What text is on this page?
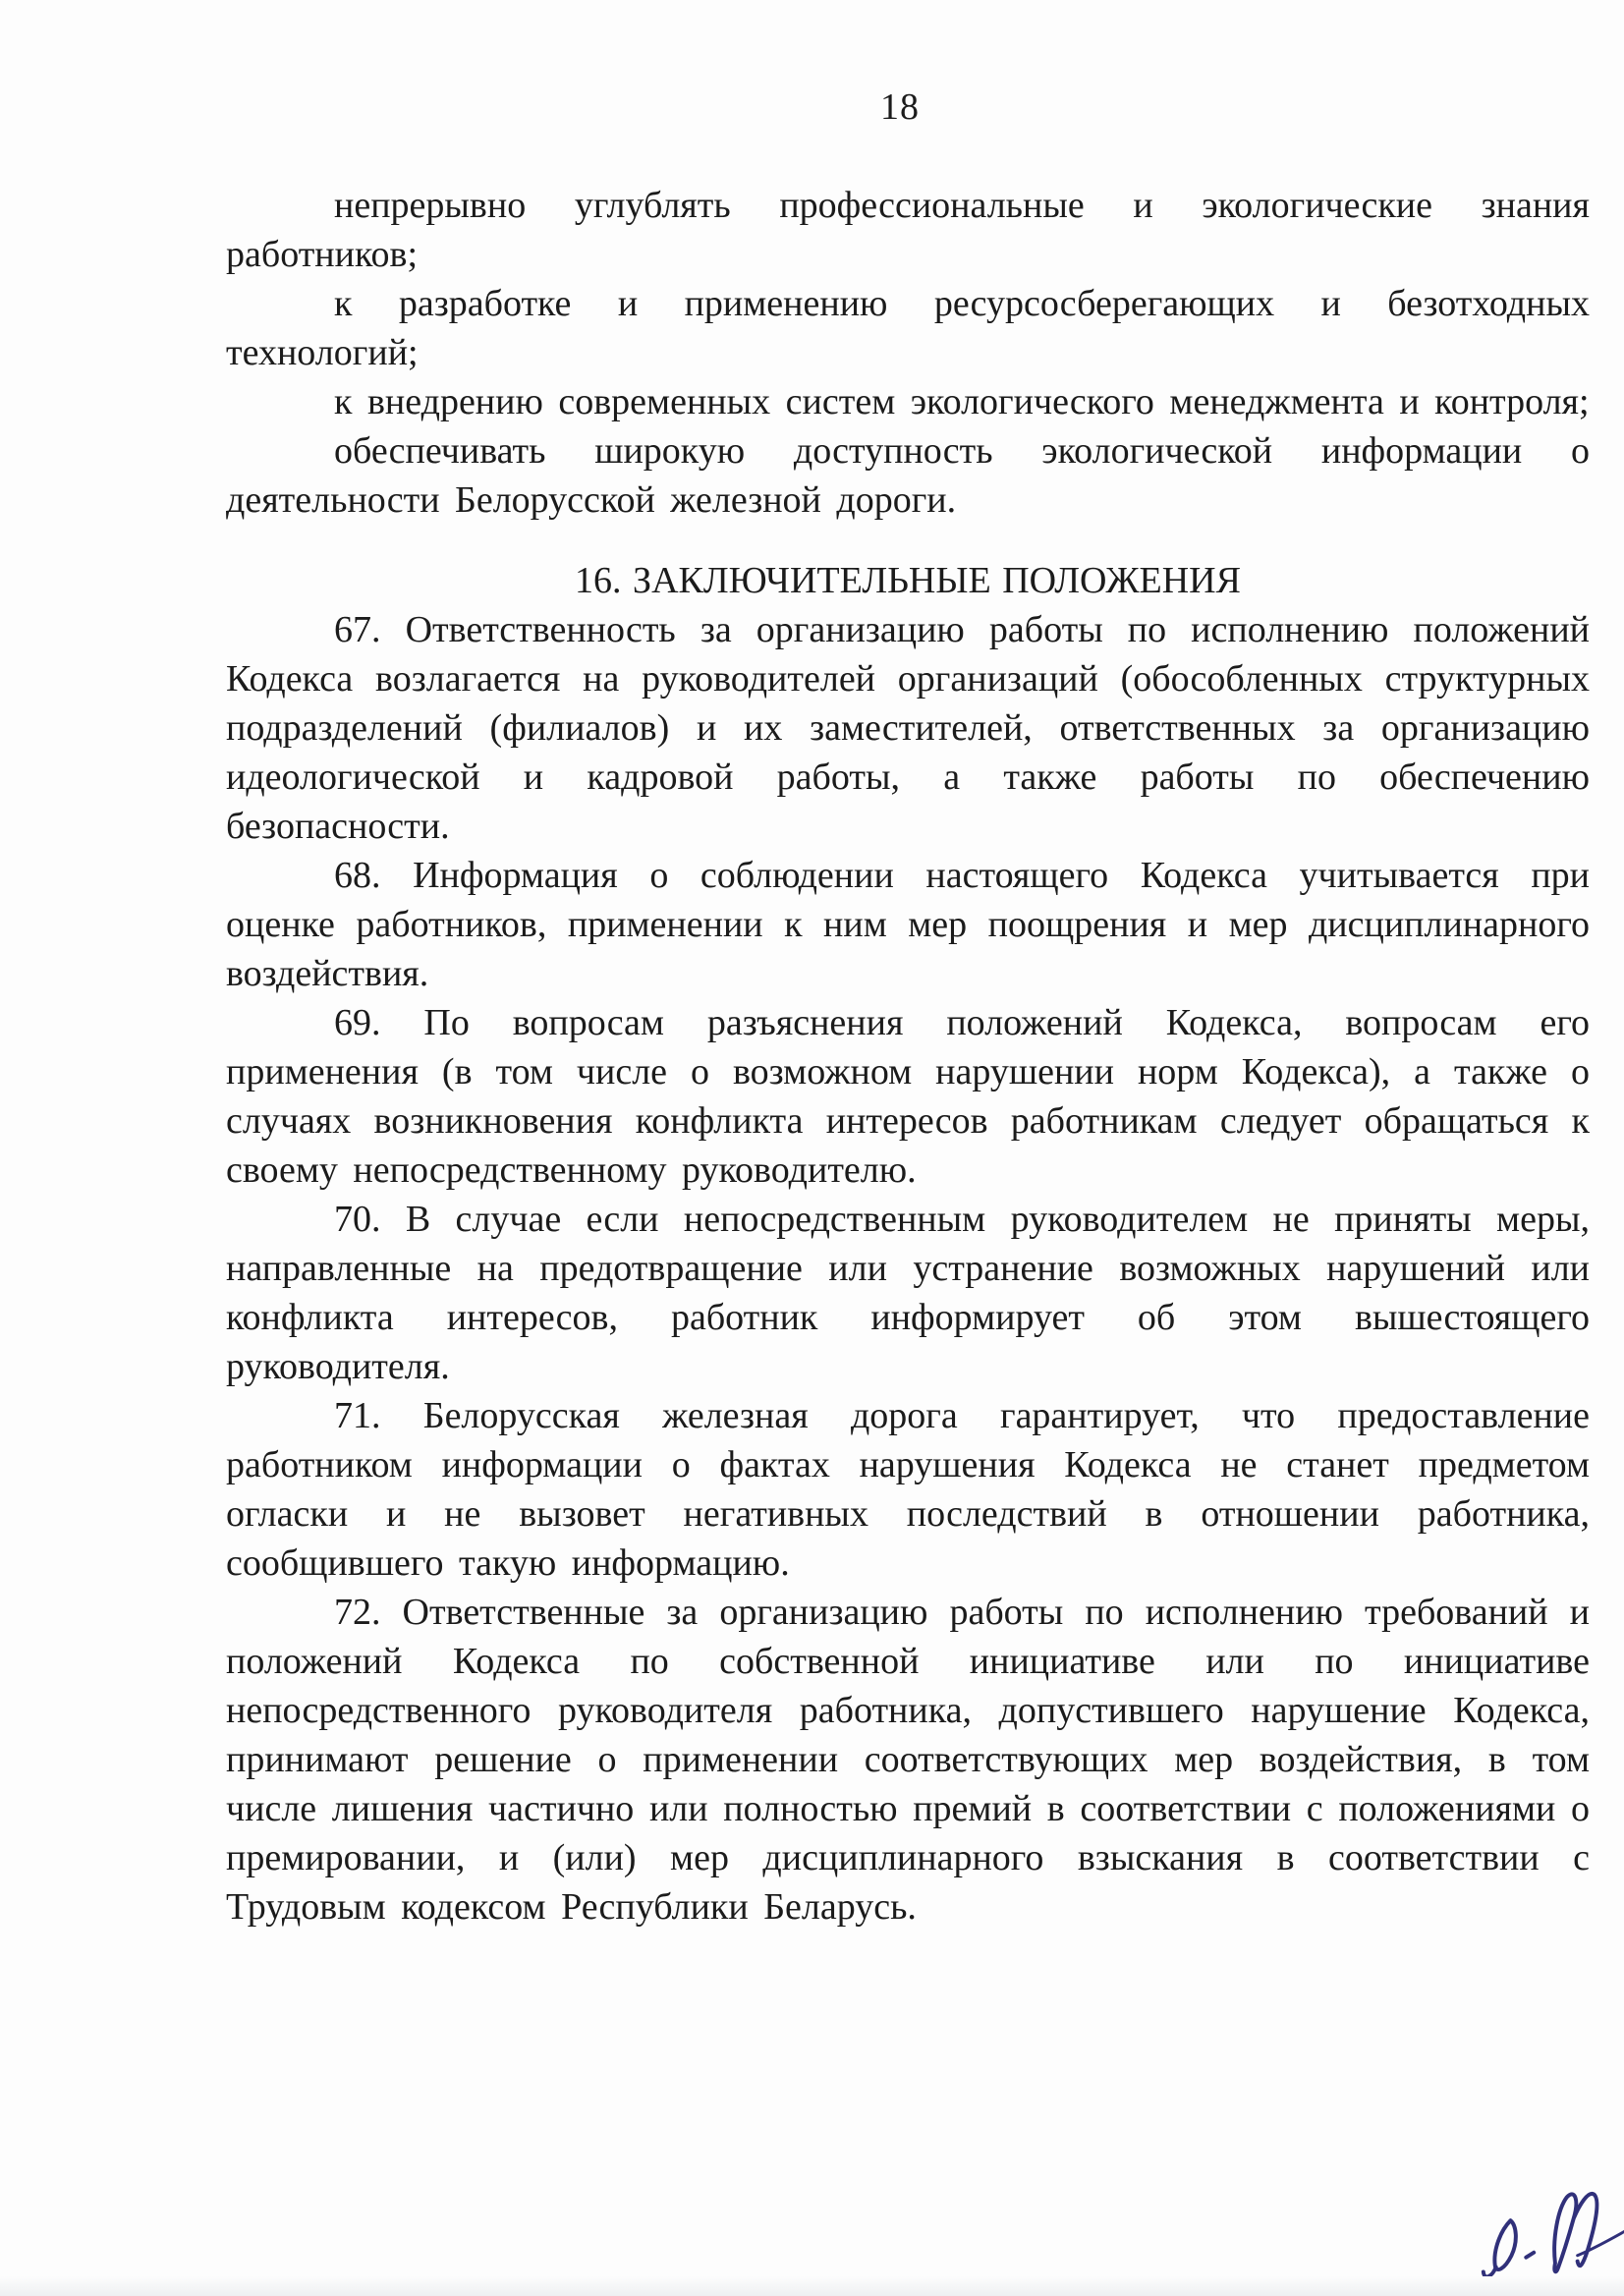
18

непрерывно углублять профессиональные и экологические знания работников;

к разработке и применению ресурсосберегающих и безотходных технологий;

к внедрению современных систем экологического менеджмента и контроля;

обеспечивать широкую доступность экологической информации о деятельности Белорусской железной дороги.

16. ЗАКЛЮЧИТЕЛЬНЫЕ ПОЛОЖЕНИЯ

67. Ответственность за организацию работы по исполнению положений Кодекса возлагается на руководителей организаций (обособленных структурных подразделений (филиалов) и их заместителей, ответственных за организацию идеологической и кадровой работы, а также работы по обеспечению безопасности.

68. Информация о соблюдении настоящего Кодекса учитывается при оценке работников, применении к ним мер поощрения и мер дисциплинарного воздействия.

69. По вопросам разъяснения положений Кодекса, вопросам его применения (в том числе о возможном нарушении норм Кодекса), а также о случаях возникновения конфликта интересов работникам следует обращаться к своему непосредственному руководителю.

70. В случае если непосредственным руководителем не приняты меры, направленные на предотвращение или устранение возможных нарушений или конфликта интересов, работник информирует об этом вышестоящего руководителя.

71. Белорусская железная дорога гарантирует, что предоставление работником информации о фактах нарушения Кодекса не станет предметом огласки и не вызовет негативных последствий в отношении работника, сообщившего такую информацию.

72. Ответственные за организацию работы по исполнению требований и положений Кодекса по собственной инициативе или по инициативе непосредственного руководителя работника, допустившего нарушение Кодекса, принимают решение о применении соответствующих мер воздействия, в том числе лишения частично или полностью премий в соответствии с положениями о премировании, и (или) мер дисциплинарного взыскания в соответствии с Трудовым кодексом Республики Беларусь.
